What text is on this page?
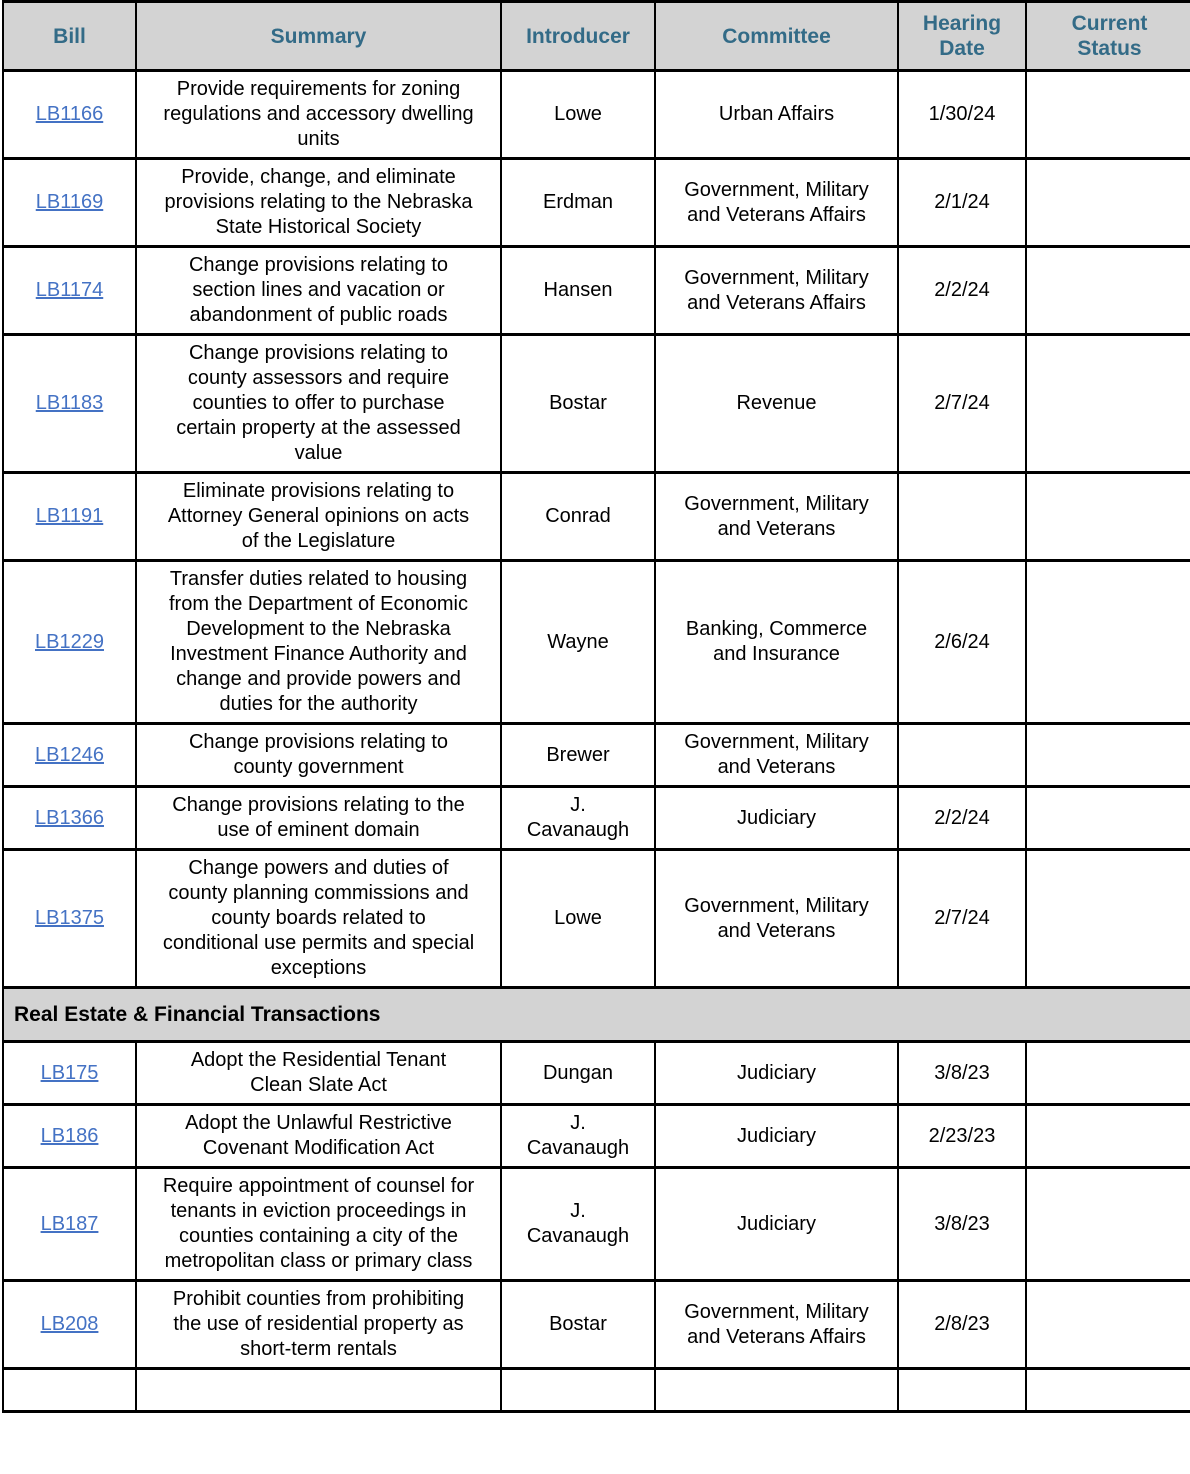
Bill	Summary	Introducer	Committee	Hearing Date	Current Status
LB1166	Provide requirements for zoning regulations and accessory dwelling units	Lowe	Urban Affairs	1/30/24	
LB1169	Provide, change, and eliminate provisions relating to the Nebraska State Historical Society	Erdman	Government, Military and Veterans Affairs	2/1/24	
LB1174	Change provisions relating to section lines and vacation or abandonment of public roads	Hansen	Government, Military and Veterans Affairs	2/2/24	
LB1183	Change provisions relating to county assessors and require counties to offer to purchase certain property at the assessed value	Bostar	Revenue	2/7/24	
LB1191	Eliminate provisions relating to Attorney General opinions on acts of the Legislature	Conrad	Government, Military and Veterans		
LB1229	Transfer duties related to housing from the Department of Economic Development to the Nebraska Investment Finance Authority and change and provide powers and duties for the authority	Wayne	Banking, Commerce and Insurance	2/6/24	
LB1246	Change provisions relating to county government	Brewer	Government, Military and Veterans		
LB1366	Change provisions relating to the use of eminent domain	J. Cavanaugh	Judiciary	2/2/24	
LB1375	Change powers and duties of county planning commissions and county boards related to conditional use permits and special exceptions	Lowe	Government, Military and Veterans	2/7/24	
Real Estate & Financial Transactions					
LB175	Adopt the Residential Tenant Clean Slate Act	Dungan	Judiciary	3/8/23	
LB186	Adopt the Unlawful Restrictive Covenant Modification Act	J. Cavanaugh	Judiciary	2/23/23	
LB187	Require appointment of counsel for tenants in eviction proceedings in counties containing a city of the metropolitan class or primary class	J. Cavanaugh	Judiciary	3/8/23	
LB208	Prohibit counties from prohibiting the use of residential property as short-term rentals	Bostar	Government, Military and Veterans Affairs	2/8/23	
